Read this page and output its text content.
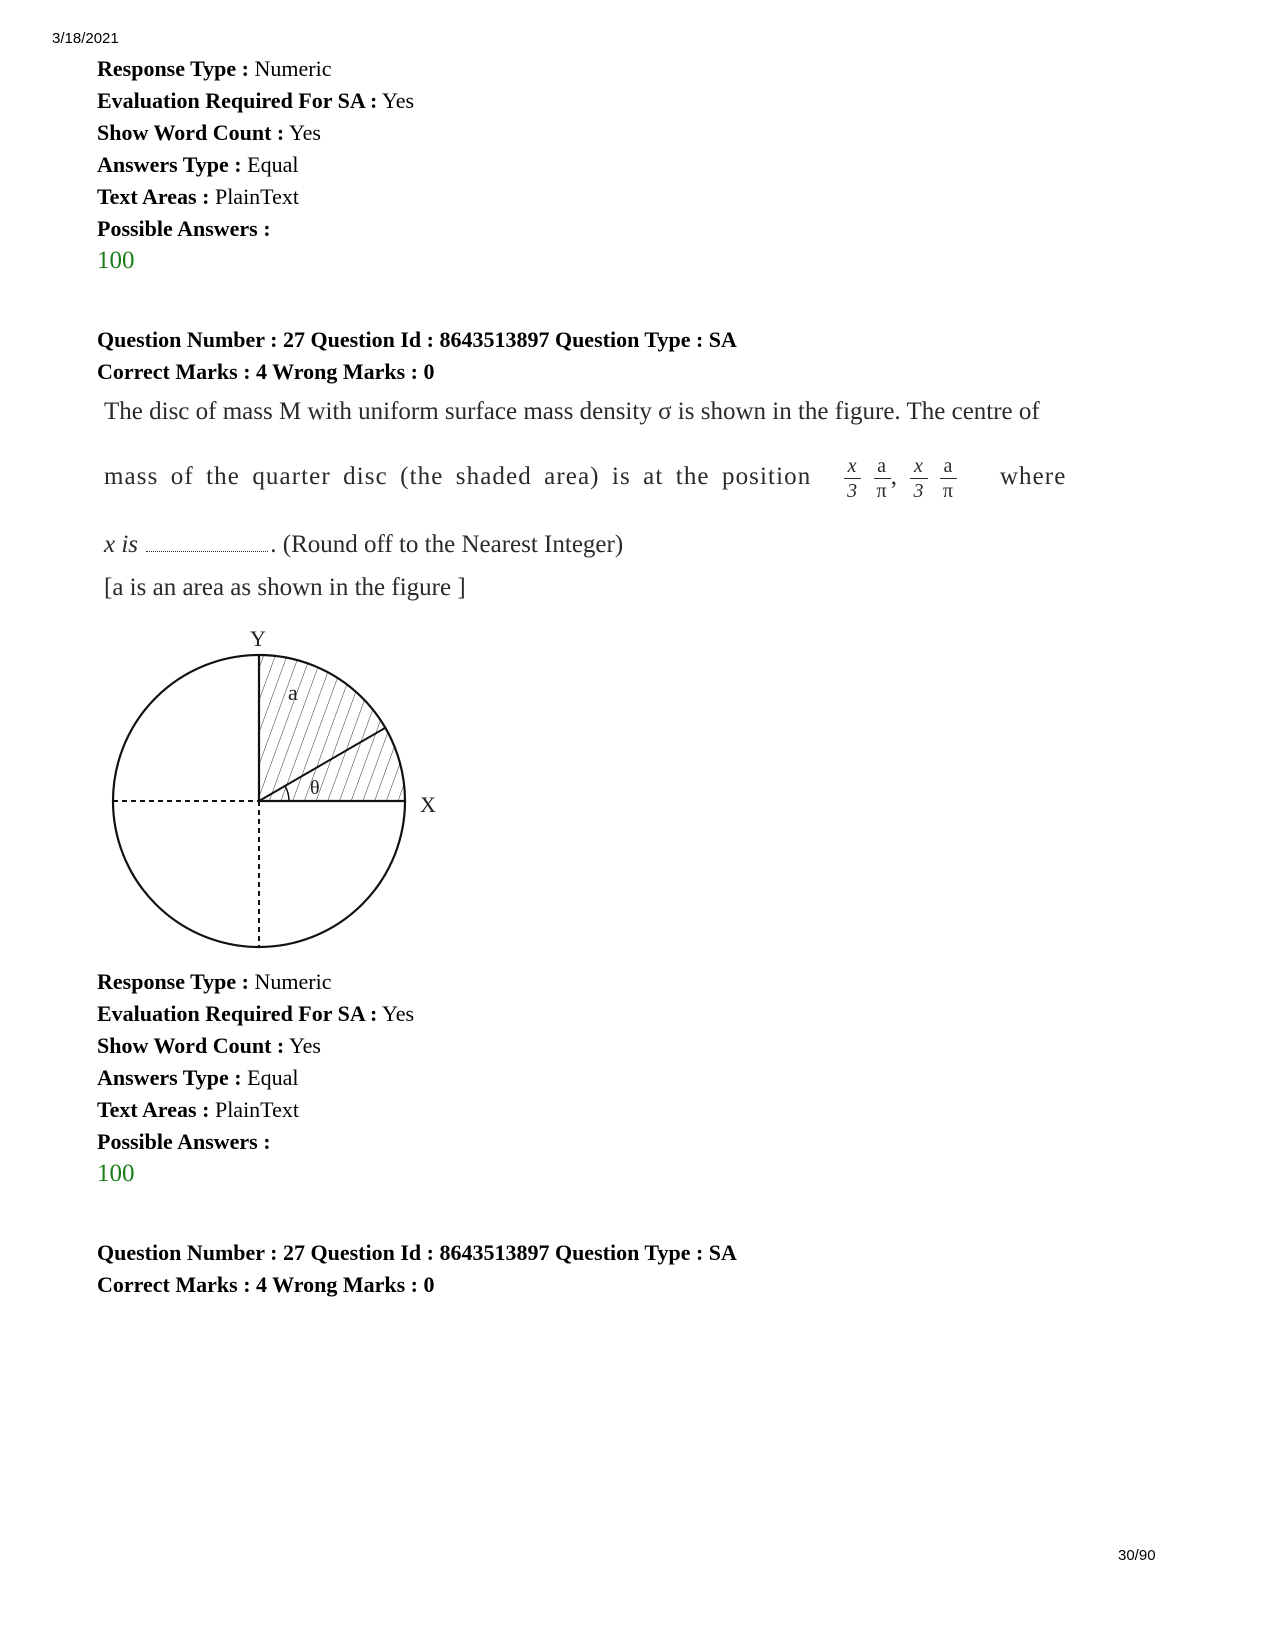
3/18/2021
30/90
Response Type : Numeric
Evaluation Required For SA : Yes
Show Word Count : Yes
Answers Type : Equal
Text Areas : PlainText
Possible Answers :
100
Question Number : 27 Question Id : 8643513897 Question Type : SA
Correct Marks : 4 Wrong Marks : 0
The disc of mass M with uniform surface mass density σ is shown in the figure. The centre of
mass of the quarter disc (the shaded area) is at the position $\frac{x}{3}$
$\frac{a}{\pi}$ , $\frac{x}{3}$
$\frac{a}{\pi}$ where
x is	. (Round off to the Nearest Integer)
[a is an area as shown in the figure ]
Y
X
a
θ
Response Type : Numeric
Evaluation Required For SA : Yes
Show Word Count : Yes
Answers Type : Equal
Text Areas : PlainText
Possible Answers :
100
Question Number : 27 Question Id : 8643513897 Question Type : SA
Correct Marks : 4 Wrong Marks : 0
